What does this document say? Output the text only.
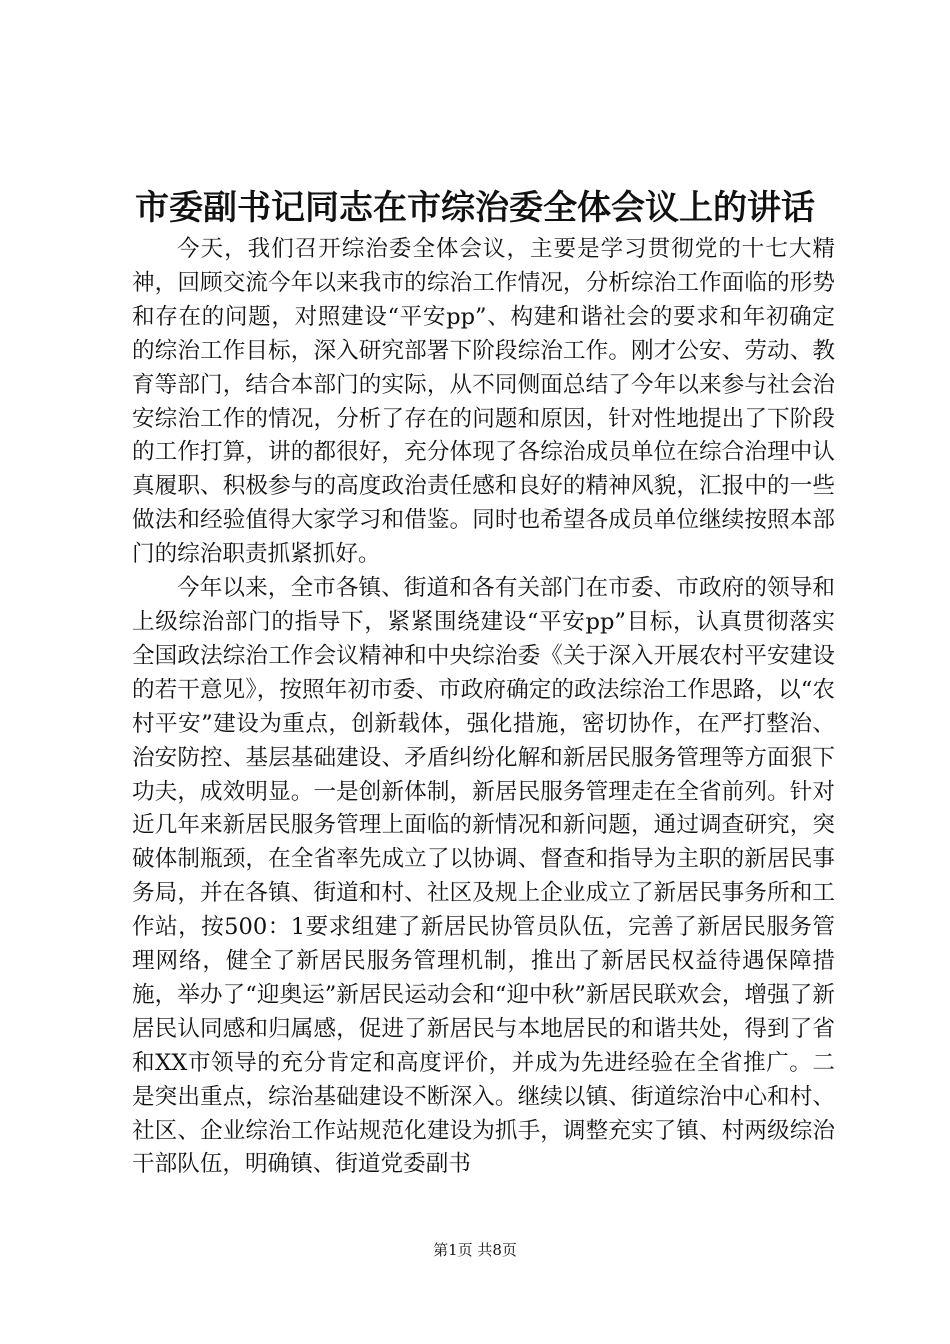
市委副书记同志在市综治委全体会议上的讲话

今天，我们召开综治委全体会议，主要是学习贯彻党的十七大精神，回顾交流今年以来我市的综治工作情况，分析综治工作面临的形势和存在的问题，对照建设“平安pp”、构建和谐社会的要求和年初确定的综治工作目标，深入研究部署下阶段综治工作。刚才公安、劳动、教育等部门，结合本部门的实际，从不同侧面总结了今年以来参与社会治安综治工作的情况，分析了存在的问题和原因，针对性地提出了下阶段的工作打算，讲的都很好，充分体现了各综治成员单位在综合治理中认真履职、积极参与的高度政治责任感和良好的精神风貌，汇报中的一些做法和经验值得大家学习和借鉴。同时也希望各成员单位继续按照本部门的综治职责抓紧抓好。

今年以来，全市各镇、街道和各有关部门在市委、市政府的领导和上级综治部门的指导下，紧紧围绕建设“平安pp”目标，认真贯彻落实全国政法综治工作会议精神和中央综治委《关于深入开展农村平安建设的若干意见》，按照年初市委、市政府确定的政法综治工作思路，以“农村平安”建设为重点，创新载体，强化措施，密切协作，在严打整治、治安防控、基层基础建设、矛盾纠纷化解和新居民服务管理等方面狠下功夫，成效明显。一是创新体制，新居民服务管理走在全省前列。针对近几年来新居民服务管理上面临的新情况和新问题，通过调查研究，突破体制瓶颈，在全省率先成立了以协调、督查和指导为主职的新居民事务局，并在各镇、街道和村、社区及规上企业成立了新居民事务所和工作站，按500：1要求组建了新居民协管员队伍，完善了新居民服务管理网络，健全了新居民服务管理机制，推出了新居民权益待遇保障措施，举办了“迎奥运”新居民运动会和“迎中秋”新居民联欢会，增强了新居民认同感和归属感，促进了新居民与本地居民的和谐共处，得到了省和XX市领导的充分肯定和高度评价，并成为先进经验在全省推广。二是突出重点，综治基础建设不断深入。继续以镇、街道综治中心和村、社区、企业综治工作站规范化建设为抓手，调整充实了镇、村两级综治干部队伍，明确镇、街道党委副书

第1页 共8页
